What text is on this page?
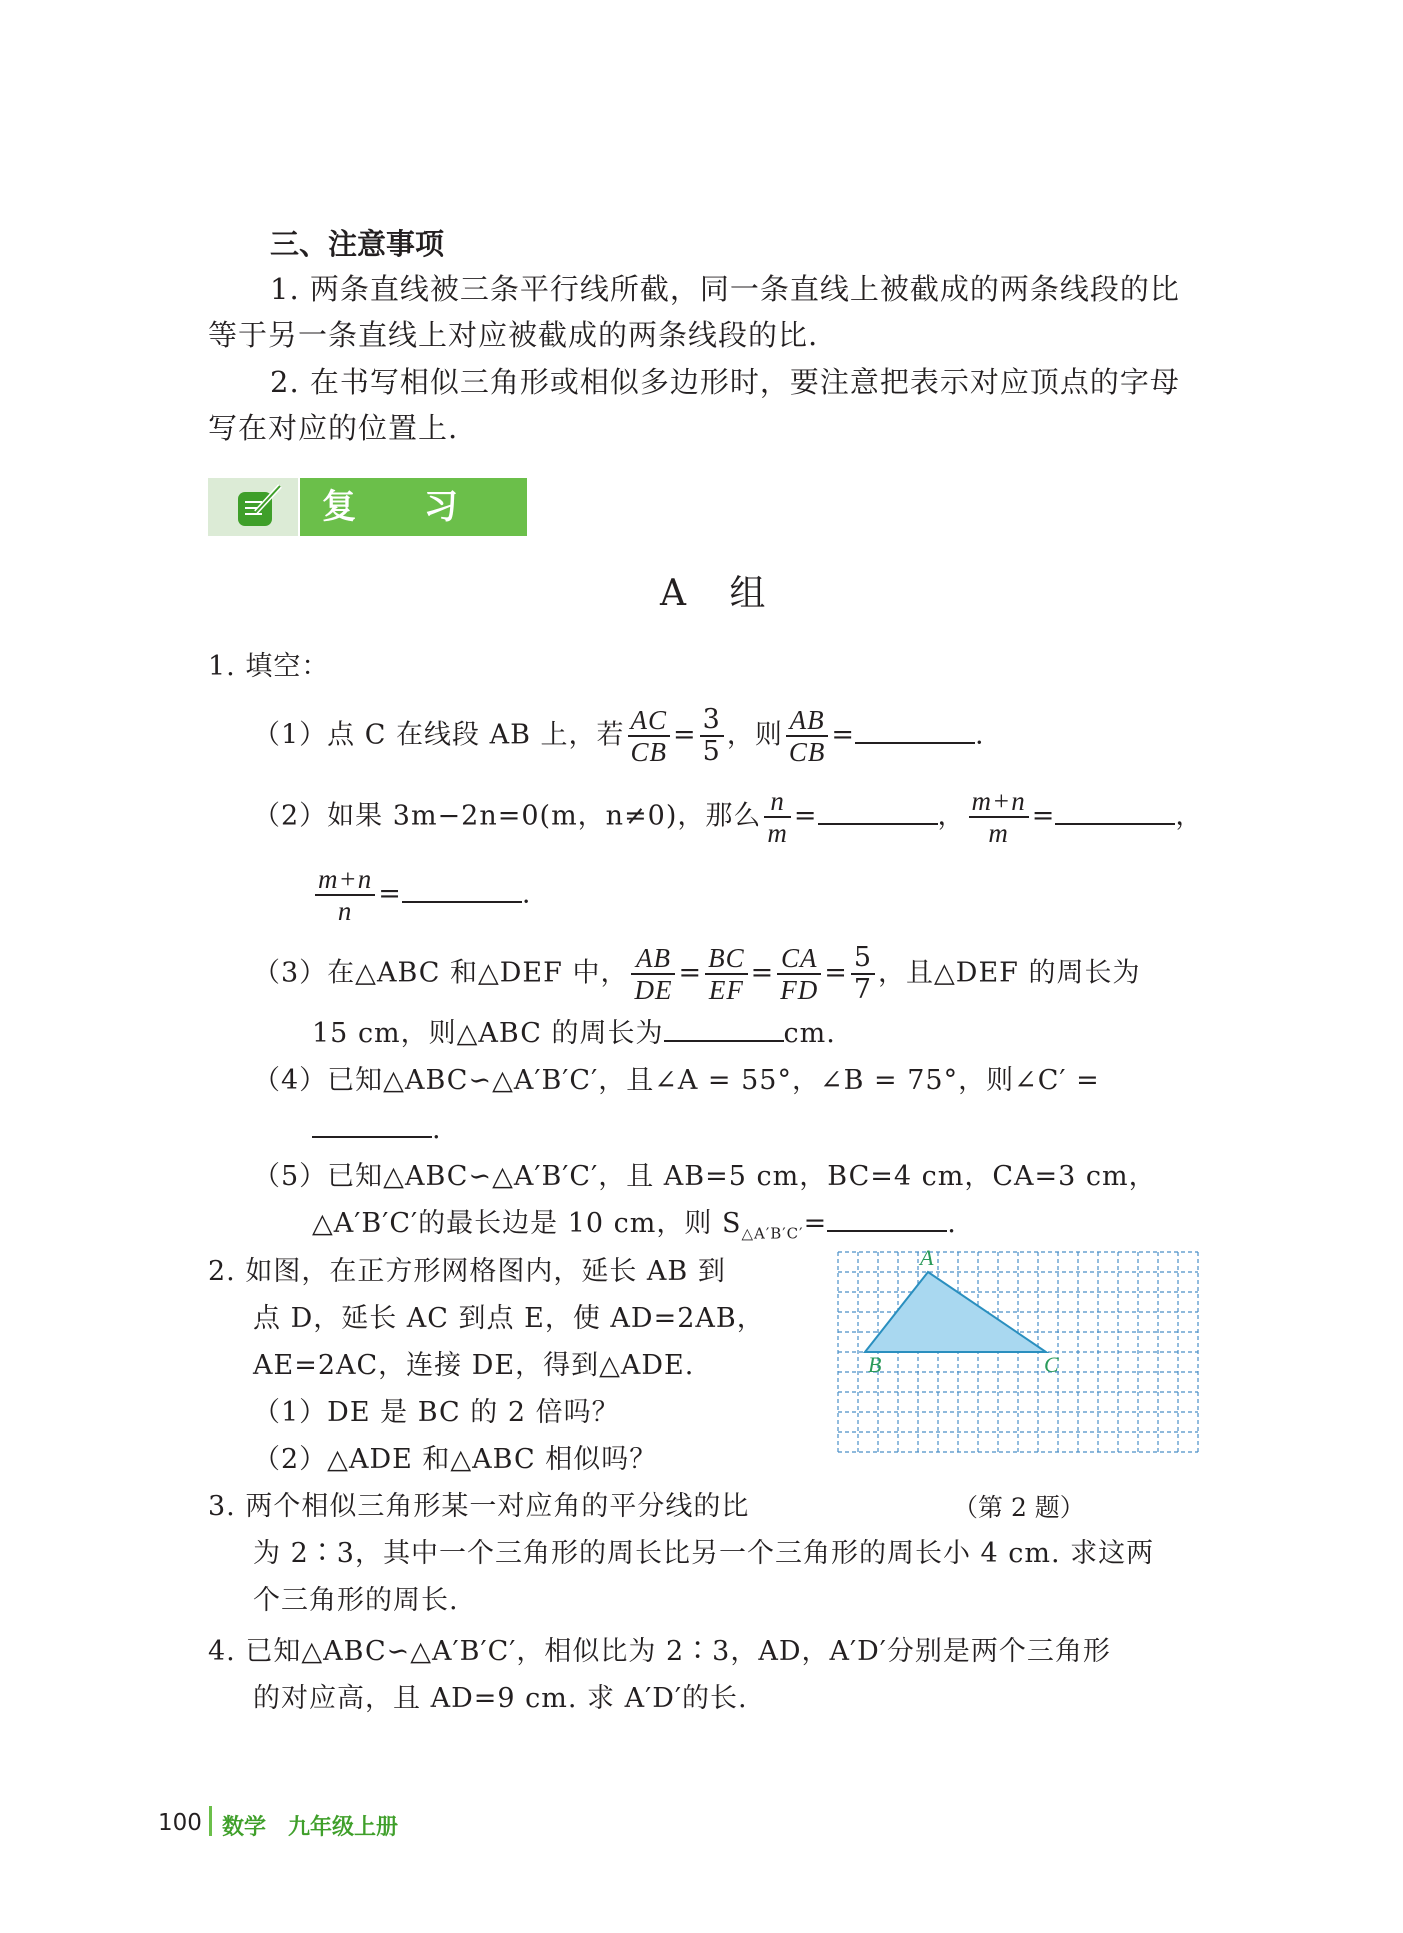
三、注意事项
1. 两条直线被三条平行线所截，同一条直线上被截成的两条线段的比
等于另一条直线上对应被截成的两条线段的比.
2. 在书写相似三角形或相似多边形时，要注意把表示对应顶点的字母
写在对应的位置上.
复 习 题
A 组
1. 填空：
（1）点 C 在线段 AB 上，若 $\frac{AC}{CB} = \frac{3}{5}$ ，则 $\frac{AB}{CB}$ =	.
（2）如果 3m−2n=0(m，n≠0)，那么 $\frac{n}{m}$ =	， $\frac{m+n}{m}$ =	，
$\frac{m+n}{n}$ =	.
（3）在△ABC 和△DEF 中， $\frac{AB}{DE} = \frac{BC}{EF} = \frac{CA}{FD} = \frac{5}{7}$ ，且△DEF 的周长为
15 cm，则△ABC 的周长为	cm.
（4）已知△ABC∽△A′B′C′，且∠A = 55°，∠B = 75°，则∠C′ =
.
（5）已知△ABC∽△A′B′C′，且 AB=5 cm，BC=4 cm，CA=3 cm，
△A′B′C′的最长边是 10 cm，则 $S_{\triangle A'B'C'}=$	.
2. 如图，在正方形网格图内，延长 AB 到
点 D，延长 AC 到点 E，使 AD=2AB，
AE=2AC，连接 DE，得到△ADE.
（1）DE 是 BC 的 2 倍吗？
（2）△ADE 和△ABC 相似吗？
A
B	C
（第 2 题）
3. 两个相似三角形某一对应角的平分线的比
为 2∶3，其中一个三角形的周长比另一个三角形的周长小 4 cm. 求这两
个三角形的周长.
4. 已知△ABC∽△A′B′C′，相似比为 2∶3，AD，A′D′分别是两个三角形
的对应高，且 AD=9 cm. 求 A′D′的长.
100 数学　九年级上册
